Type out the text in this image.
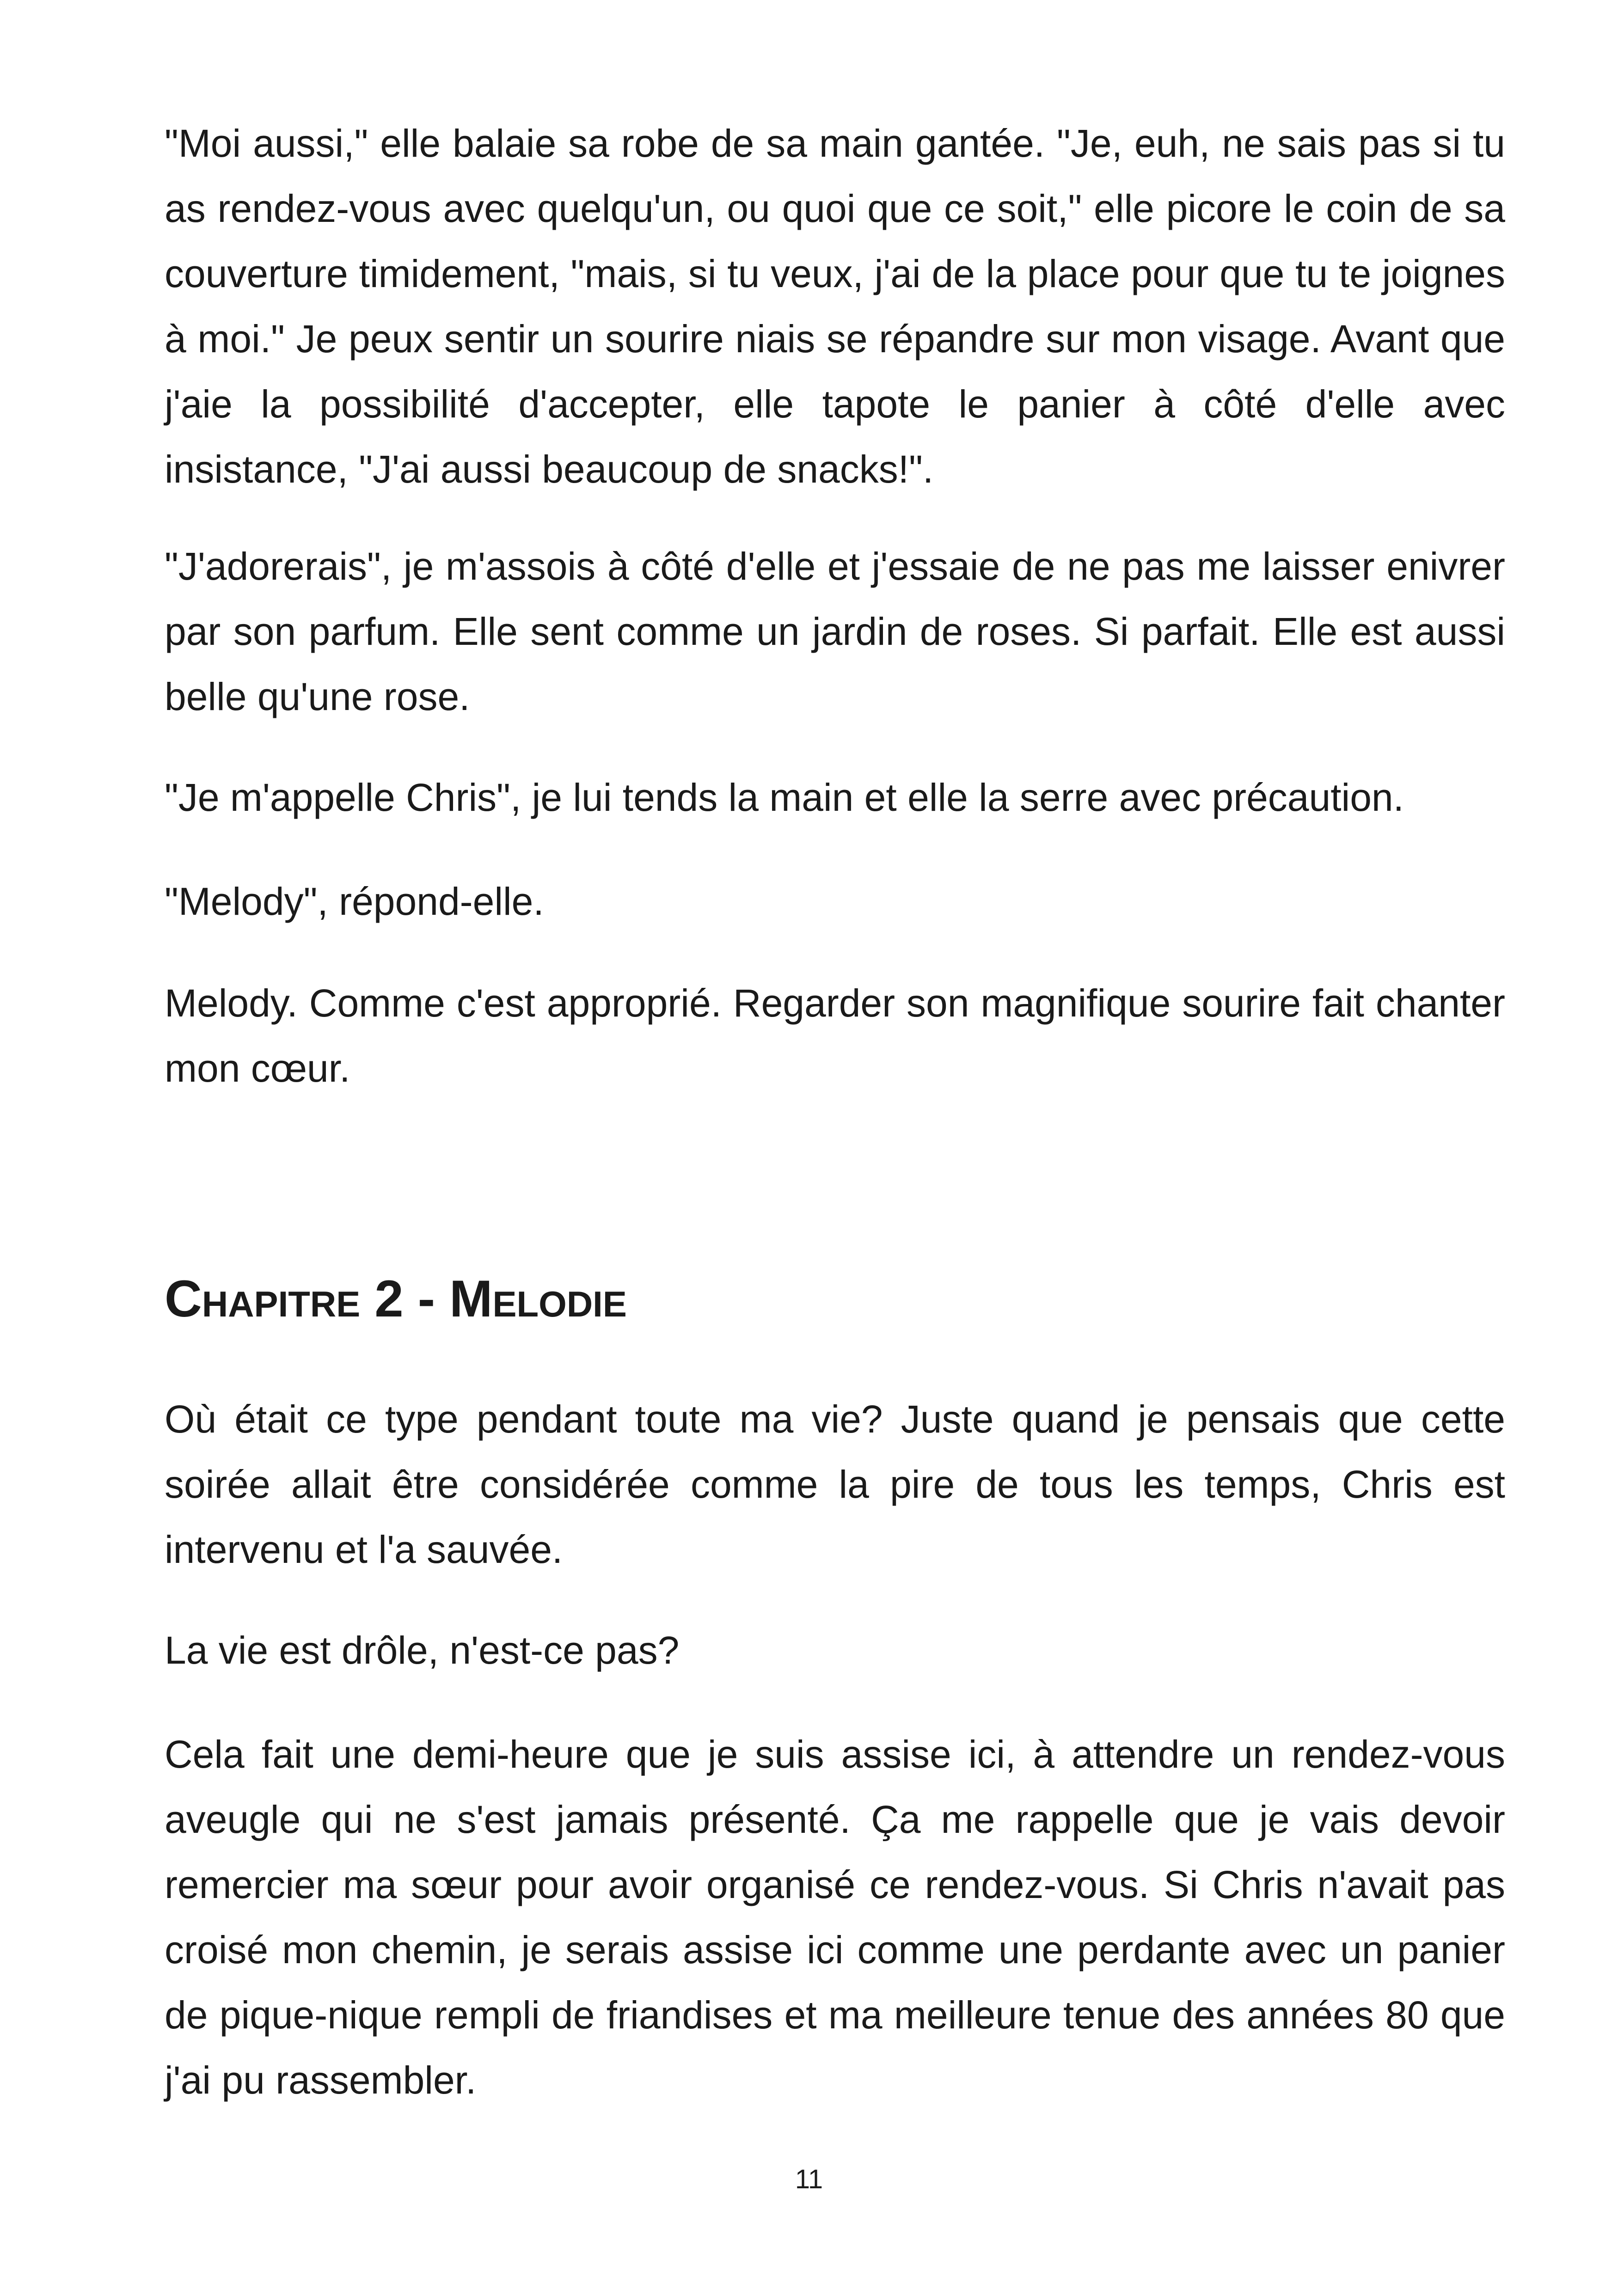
"Moi aussi," elle balaie sa robe de sa main gantée. "Je, euh, ne sais pas si tu as rendez-vous avec quelqu'un, ou quoi que ce soit," elle picore le coin de sa couverture timidement, "mais, si tu veux, j'ai de la place pour que tu te joignes à moi." Je peux sentir un sourire niais se répandre sur mon visage. Avant que j'aie la possibilité d'accepter, elle tapote le panier à côté d'elle avec insistance, "J'ai aussi beaucoup de snacks!".

"J'adorerais", je m'assois à côté d'elle et j'essaie de ne pas me laisser enivrer par son parfum. Elle sent comme un jardin de roses. Si parfait. Elle est aussi belle qu'une rose.

"Je m'appelle Chris", je lui tends la main et elle la serre avec précaution.

"Melody", répond-elle.

Melody. Comme c'est approprié. Regarder son magnifique sourire fait chanter mon cœur.

Chapitre 2 - Melodie

Où était ce type pendant toute ma vie? Juste quand je pensais que cette soirée allait être considérée comme la pire de tous les temps, Chris est intervenu et l'a sauvée.

La vie est drôle, n'est-ce pas?

Cela fait une demi-heure que je suis assise ici, à attendre un rendez-vous aveugle qui ne s'est jamais présenté. Ça me rappelle que je vais devoir remercier ma sœur pour avoir organisé ce rendez-vous. Si Chris n'avait pas croisé mon chemin, je serais assise ici comme une perdante avec un panier de pique-nique rempli de friandises et ma meilleure tenue des années 80 que j'ai pu rassembler.

11
